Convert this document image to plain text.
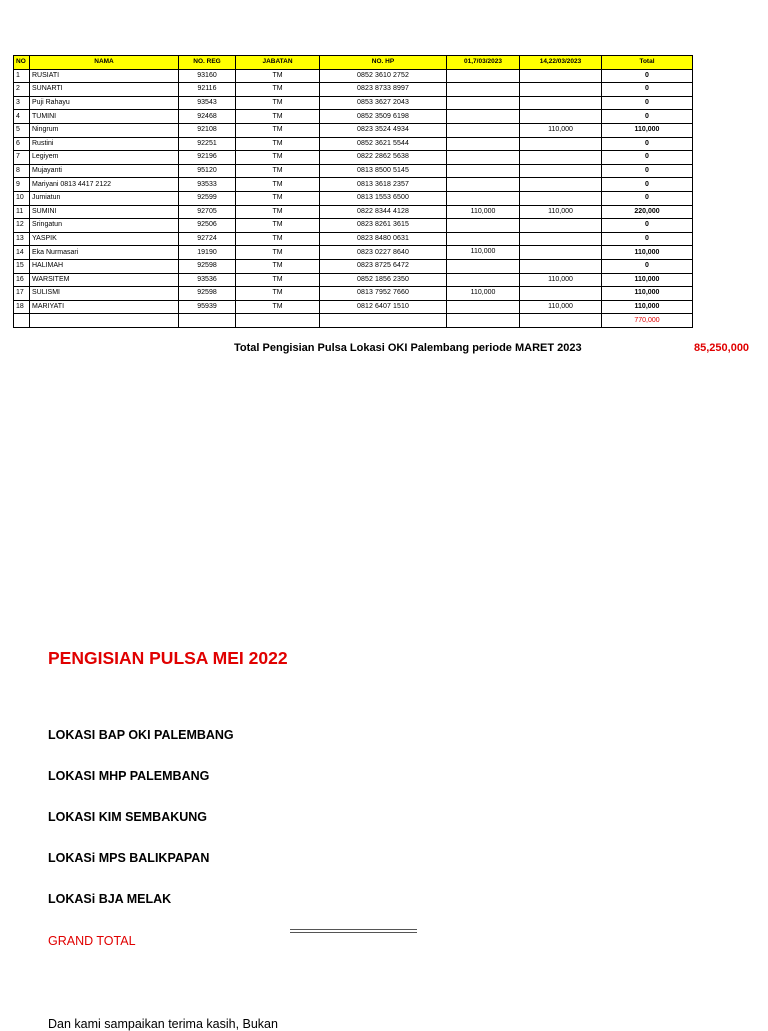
NO	NAMA	NO. REG	JABATAN	NO. HP	01,7/03/2023	14,22/03/2023	Total
1	RUSIATI	93160	TM	0852 3610 2752			0
2	SUNARTI	92116	TM	0823 8733 8997			0
3	Puji Rahayu	93543	TM	0853 3627 2043			0
4	TUMINI	92468	TM	0852 3509 6198			0
5	Ningrum	92108	TM	0823 3524 4934		110,000	110,000
6	Rustini	92251	TM	0852 3621 5544			0
7	Legiyem	92196	TM	0822 2862 5638			0
8	Mujayanti	95120	TM	0813 8500 5145			0
9	Mariyani 0813 4417 2122	93533	TM	0813 3618 2357			0
10	Jumiatun	92599	TM	0813 1553 6500			0
11	SUMINI	92705	TM	0822 8344 4128	110,000	110,000	220,000
12	Sringatun	92506	TM	0823 8261 3615			0
13	YASPIK	92724	TM	0823 8480 0631			0
14	Eka Nurmasari	19190	TM	0823 0227 8640	110,000		110,000
15	HALIMAH	92598	TM	0823 8725 6472			0
16	WARSITEM	93536	TM	0852 1856 2350		110,000	110,000
17	SULISMI	92598	TM	0813 7952 7660	110,000		110,000
18	MARIYATI	95939	TM	0812 6407 1510		110,000	110,000
							770,000
Total Pengisian Pulsa Lokasi OKI Palembang periode MARET 2023	85,250,000
PENGISIAN PULSA MEI 2022
LOKASI BAP OKI PALEMBANG
LOKASI MHP PALEMBANG
LOKASI KIM SEMBAKUNG
LOKASi MPS BALIKPAPAN
LOKASi BJA MELAK
GRAND TOTAL
Dan kami sampaikan terima kasih, Bukan
